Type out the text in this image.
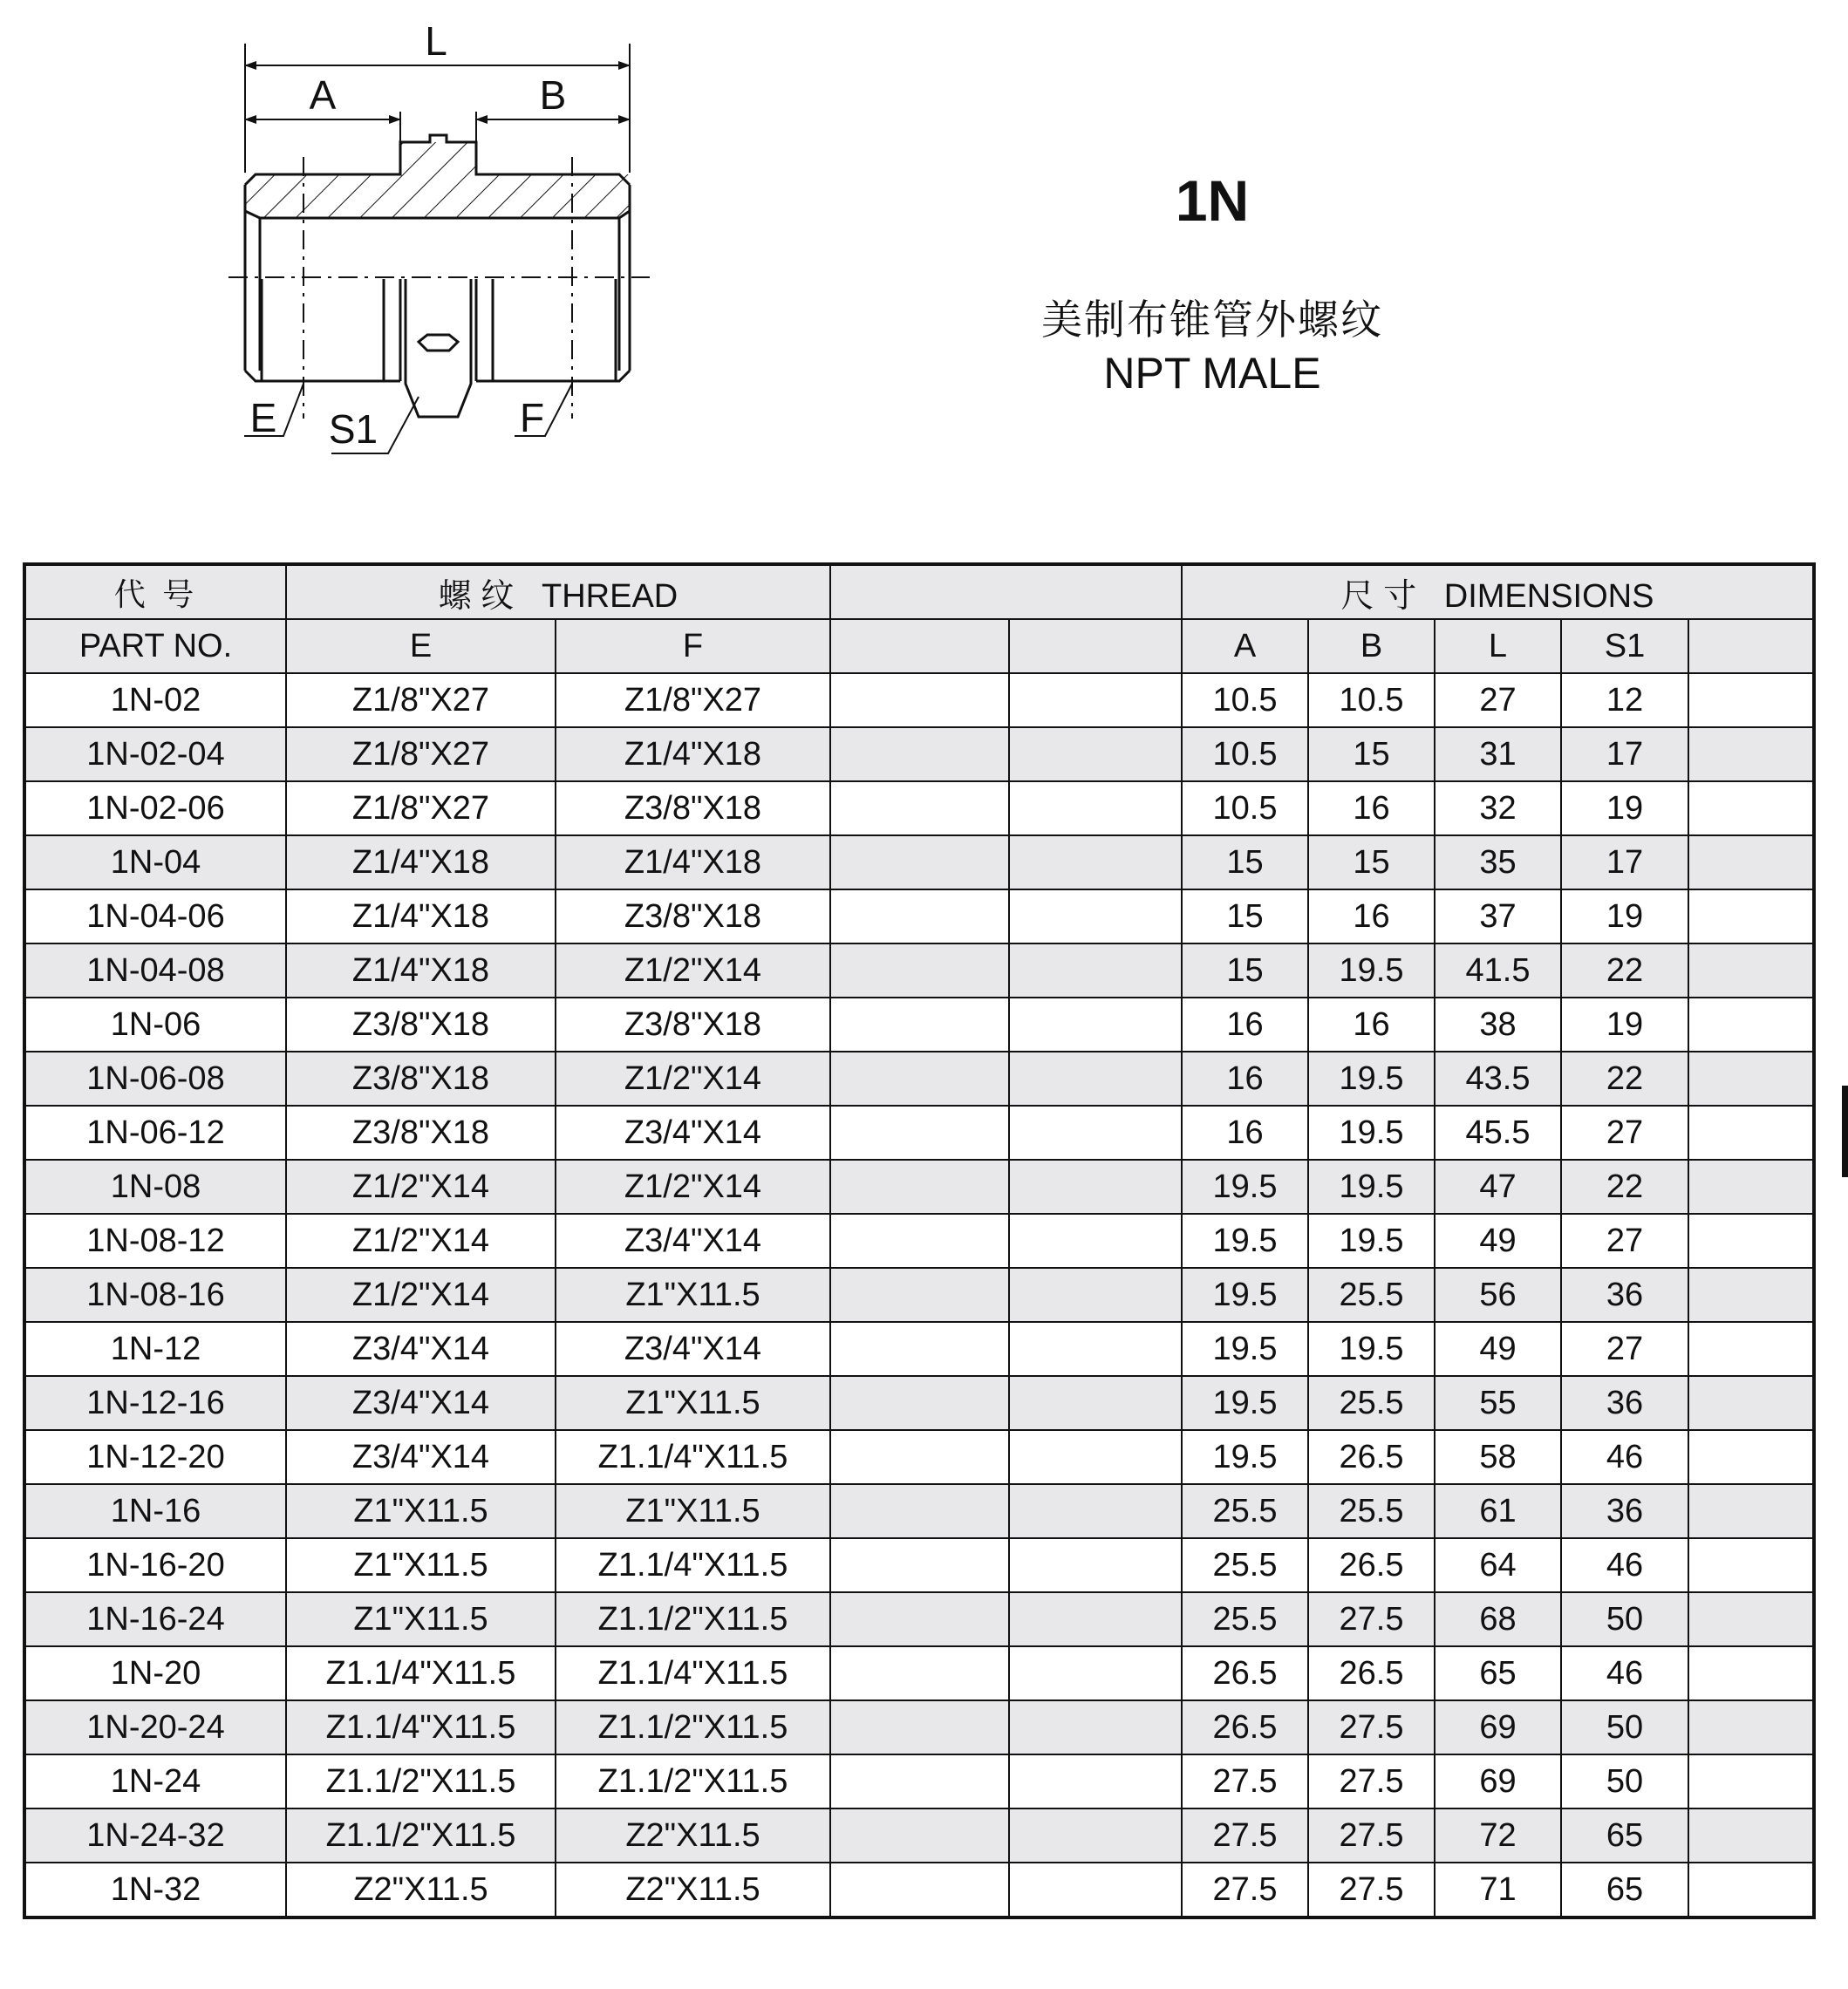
L
A	B
E S1	F
1N
美制布锥管外螺纹
NPT MALE
代 号	螺 纹 THREAD				尺 寸 DIMENSIONS				
PART NO.	E	F			A	B	L	S1	
1N-02	Z1/8"X27	Z1/8"X27			10.5	10.5	27	12	
1N-02-04	Z1/8"X27	Z1/4"X18			10.5	15	31	17	
1N-02-06	Z1/8"X27	Z3/8"X18			10.5	16	32	19	
1N-04	Z1/4"X18	Z1/4"X18			15	15	35	17	
1N-04-06	Z1/4"X18	Z3/8"X18			15	16	37	19	
1N-04-08	Z1/4"X18	Z1/2"X14			15	19.5	41.5	22	
1N-06	Z3/8"X18	Z3/8"X18			16	16	38	19	
1N-06-08	Z3/8"X18	Z1/2"X14			16	19.5	43.5	22	
1N-06-12	Z3/8"X18	Z3/4"X14			16	19.5	45.5	27	
1N-08	Z1/2"X14	Z1/2"X14			19.5	19.5	47	22	
1N-08-12	Z1/2"X14	Z3/4"X14			19.5	19.5	49	27	
1N-08-16	Z1/2"X14	Z1"X11.5			19.5	25.5	56	36	
1N-12	Z3/4"X14	Z3/4"X14			19.5	19.5	49	27	
1N-12-16	Z3/4"X14	Z1"X11.5			19.5	25.5	55	36	
1N-12-20	Z3/4"X14	Z1.1/4"X11.5			19.5	26.5	58	46	
1N-16	Z1"X11.5	Z1"X11.5			25.5	25.5	61	36	
1N-16-20	Z1"X11.5	Z1.1/4"X11.5			25.5	26.5	64	46	
1N-16-24	Z1"X11.5	Z1.1/2"X11.5			25.5	27.5	68	50	
1N-20	Z1.1/4"X11.5	Z1.1/4"X11.5			26.5	26.5	65	46	
1N-20-24	Z1.1/4"X11.5	Z1.1/2"X11.5			26.5	27.5	69	50	
1N-24	Z1.1/2"X11.5	Z1.1/2"X11.5			27.5	27.5	69	50	
1N-24-32	Z1.1/2"X11.5	Z2"X11.5			27.5	27.5	72	65	
1N-32	Z2"X11.5	Z2"X11.5			27.5	27.5	71	65	
